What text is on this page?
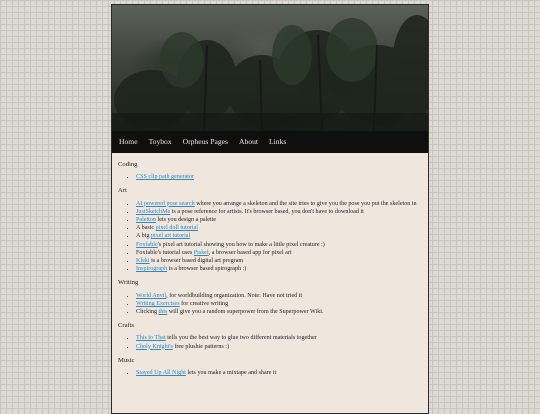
Home	Toybox	Orpheus Pages	About	Links
Coding
• CSS clip path generator
Art
• AI powered pose search where you arrange a skeleton and the site tries to give you the pose you put the skeleton in
• JustSketchMe is a pose reference for artists. It's browser based, you don't have to download it
• Paletton lets you design a palette
• A basic pixel doll tutorial
• A big pixel art tutorial
• Foxfable's pixel art tutorial showing you how to make a little pixel creature :)
• Foxfable's tutorial uses Piskel, a browser based app for pixel art
• Kleki is a browser based digital art program
• Inspirograph is a browser based spirograph :)
Writing
• World Anvil, for worldbuilding organization. Note: Have not tried it
• Writing Exercises for creative writing
• Clicking this will give you a random superpower from the Superpower Wiki.
Crafts
• This to That tells you the best way to glue two different materials together
• Choly Knight's free plushie patterns :)
Music
• Stayed Up All Night lets you make a mixtape and share it
